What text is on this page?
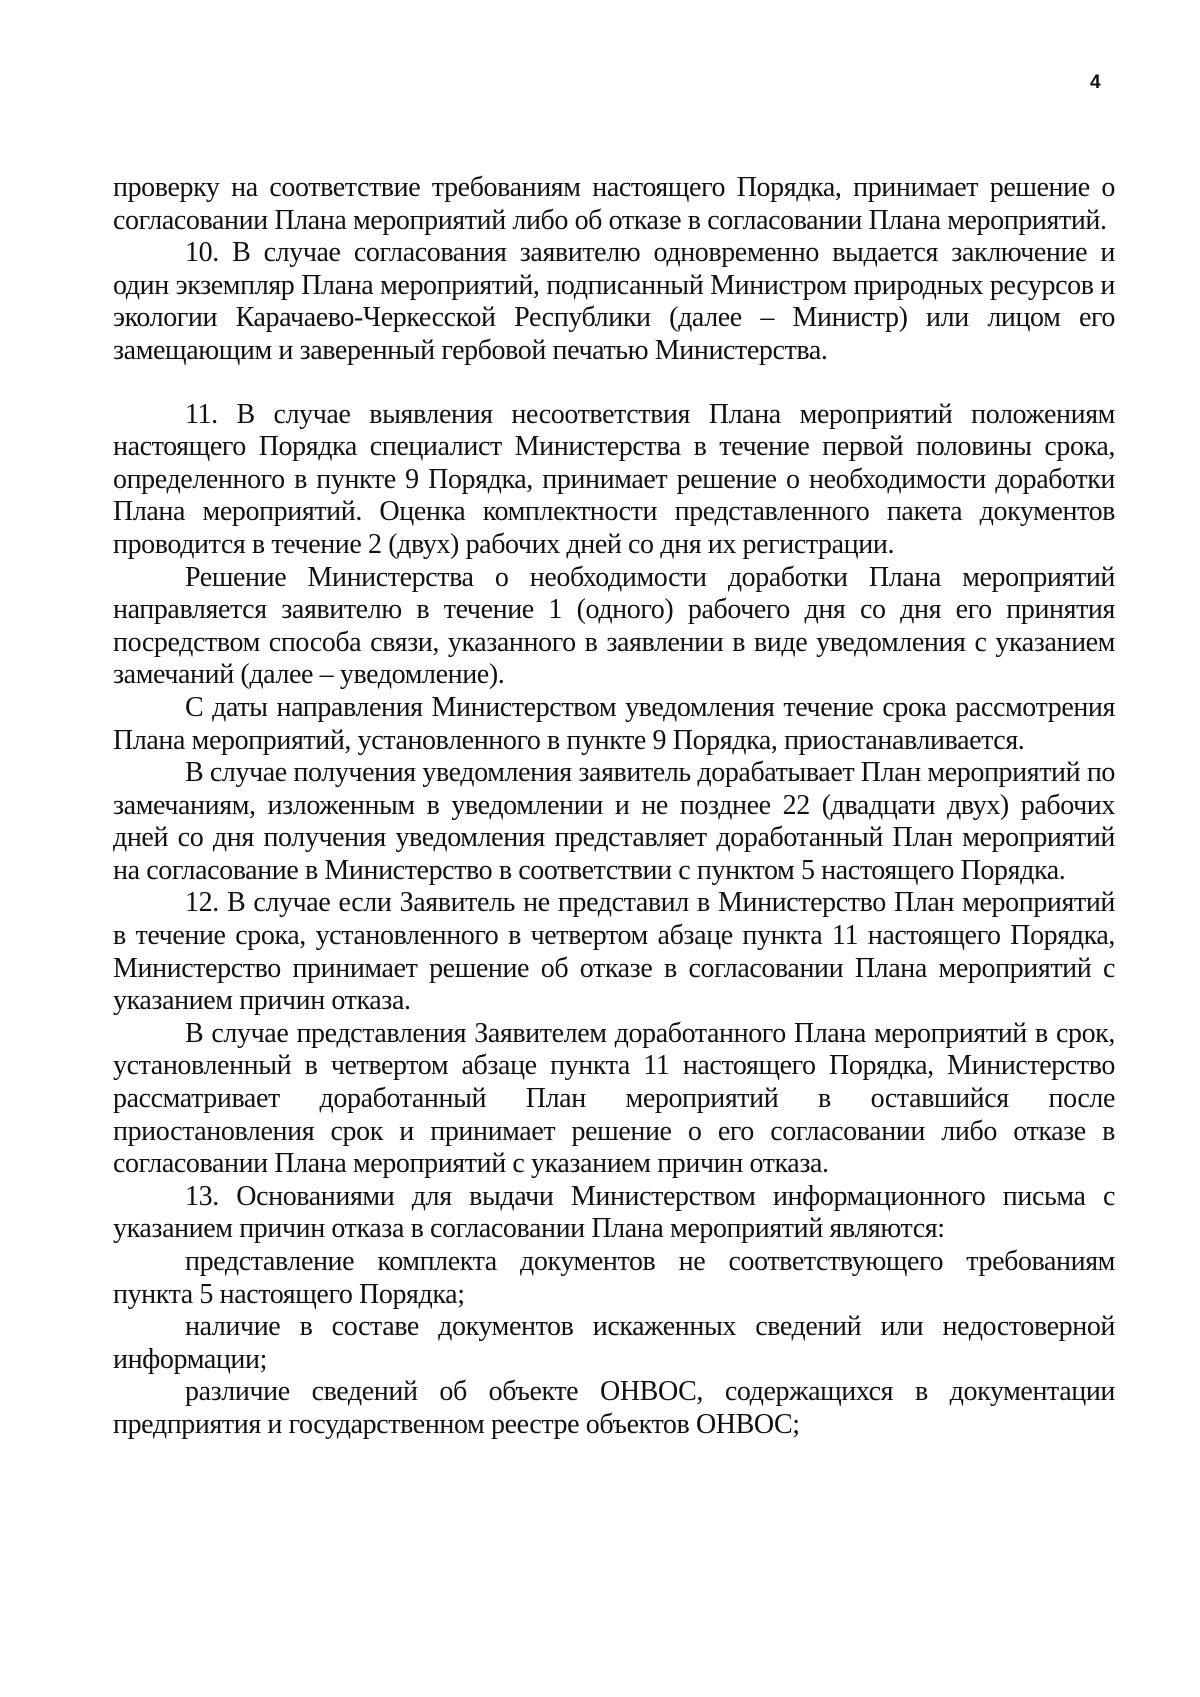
4

проверку на соответствие требованиям настоящего Порядка, принимает решение о согласовании Плана мероприятий либо об отказе в согласовании Плана мероприятий.

10. В случае согласования заявителю одновременно выдается заключение и один экземпляр Плана мероприятий, подписанный Министром природных ресурсов и экологии Карачаево-Черкесской Республики (далее – Министр) или лицом его замещающим и заверенный гербовой печатью Министерства.

11. В случае выявления несоответствия Плана мероприятий положениям настоящего Порядка специалист Министерства в течение первой половины срока, определенного в пункте 9 Порядка, принимает решение о необходимости доработки Плана мероприятий. Оценка комплектности представленного пакета документов проводится в течение 2 (двух) рабочих дней со дня их регистрации.

Решение Министерства о необходимости доработки Плана мероприятий направляется заявителю в течение 1 (одного) рабочего дня со дня его принятия посредством способа связи, указанного в заявлении в виде уведомления с указанием замечаний (далее – уведомление).

С даты направления Министерством уведомления течение срока рассмотрения Плана мероприятий, установленного в пункте 9 Порядка, приостанавливается.

В случае получения уведомления заявитель дорабатывает План мероприятий по замечаниям, изложенным в уведомлении и не позднее 22 (двадцати двух) рабочих дней со дня получения уведомления представляет доработанный План мероприятий на согласование в Министерство в соответствии с пунктом 5 настоящего Порядка.

12. В случае если Заявитель не представил в Министерство План мероприятий в течение срока, установленного в четвертом абзаце пункта 11 настоящего Порядка, Министерство принимает решение об отказе в согласовании Плана мероприятий с указанием причин отказа.

В случае представления Заявителем доработанного Плана мероприятий в срок, установленный в четвертом абзаце пункта 11 настоящего Порядка, Министерство рассматривает доработанный План мероприятий в оставшийся после приостановления срок и принимает решение о его согласовании либо отказе в согласовании Плана мероприятий с указанием причин отказа.

13. Основаниями для выдачи Министерством информационного письма с указанием причин отказа в согласовании Плана мероприятий являются:

представление комплекта документов не соответствующего требованиям пункта 5 настоящего Порядка;

наличие в составе документов искаженных сведений или недостоверной информации;

различие сведений об объекте ОНВОС, содержащихся в документации предприятия и государственном реестре объектов ОНВОС;
